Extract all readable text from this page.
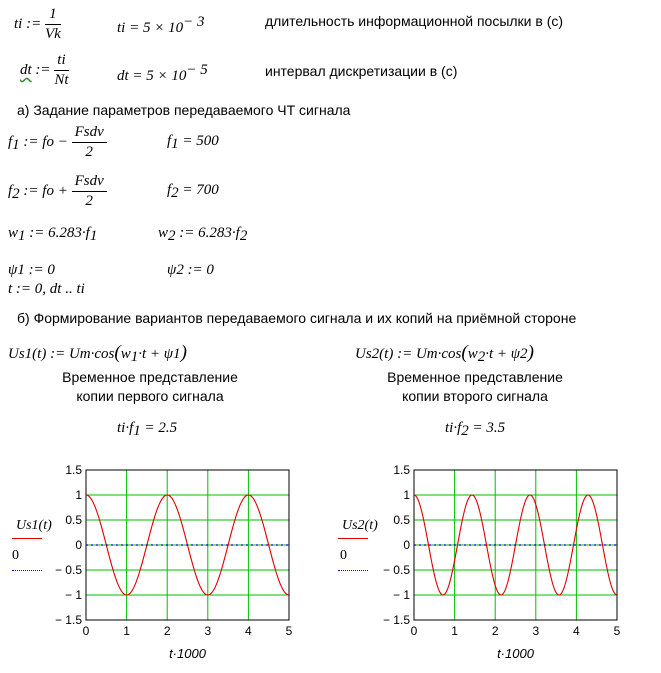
ti := $\frac{1}{Vk}$	ti = $5 \times 10^{- 3}$	длительность информационной посылки в (с)
dt := $\frac{ti}{Nt}$	dt = $5 \times 10^{- 5}$	интервал дискретизации в (с)
а) Задание параметров передаваемого ЧТ сигнала
$f_1$ := fo − $\frac{\text{Fsdv}}{2}$	$f_1 = 500$
$f_2$ := fo + $\frac{\text{Fsdv}}{2}$	$f_2 = 700$
$w_1$ := $6.283\cdot f_1$	$w_2$ := $6.283\cdot f_2$
ψ1 := 0	ψ2 := 0
t := 0, dt .. ti
б) Формирование вариантов передаваемого сигнала и их копий на приёмной стороне
Us1(t) := $Um\cdot\cos(w_1\cdot t + \psi 1)$	Us2(t) := $Um\cdot\cos(w_2\cdot t + \psi 2)$
Временное представление
копии первого сигнала
Временное представление
копии второго сигнала
$ti\cdot f_1 = 2.5$	$ti\cdot f_2 = 3.5$
Us1(t)
0
Us2(t)
0
0	1	2	3	4	5
1.5
1
0.5
0
− 0.5
− 1
− 1.5
t·1000
0	1	2	3	4	5
1.5
1
0.5
0
− 0.5
− 1
− 1.5
t·1000
